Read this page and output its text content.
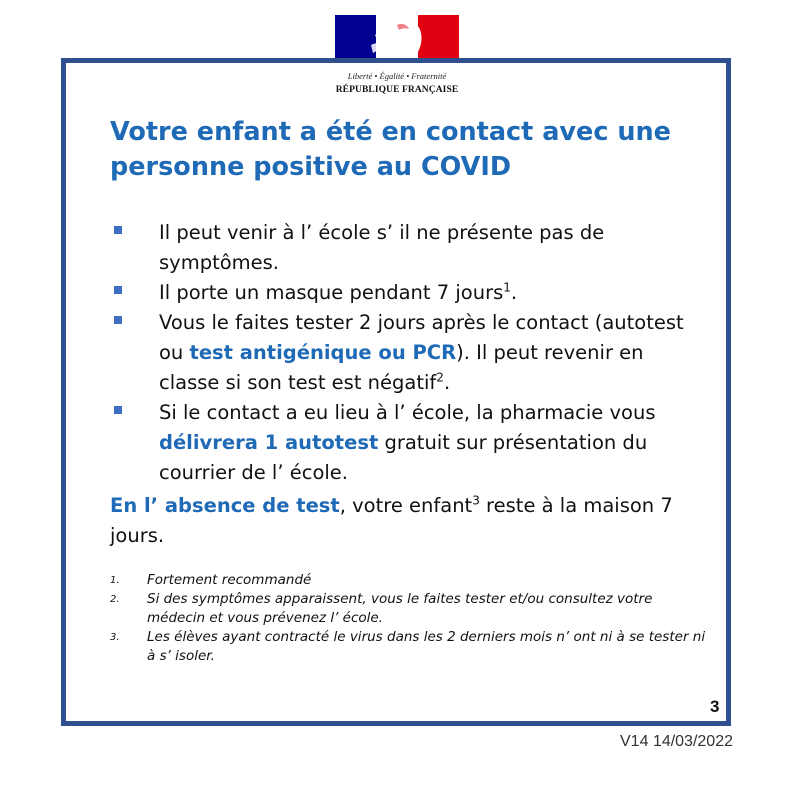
Liberté • Égalité • Fraternité
RÉPUBLIQUE FRANÇAISE
Votre enfant a été en contact avec une personne positive au COVID
Il peut venir à l’ école s’ il ne présente pas de symptômes.
Il porte un masque pendant 7 jours$^1$.
Vous le faites tester 2 jours après le contact (autotest ou test antigénique ou PCR). Il peut revenir en classe si son test est négatif$^2$.
Si le contact a eu lieu à l’ école, la pharmacie vous délivrera 1 autotest gratuit sur présentation du courrier de l’ école.

En l’ absence de test, votre enfant$^3$ reste à la maison 7 jours.

1. Fortement recommandé
2. Si des symptômes apparaissent, vous le faites tester et/ou consultez votre médecin et vous prévenez l’ école.
3. Les élèves ayant contracté le virus dans les 2 derniers mois n’ ont ni à se tester ni à s’ isoler.
3
V14 14/03/2022
